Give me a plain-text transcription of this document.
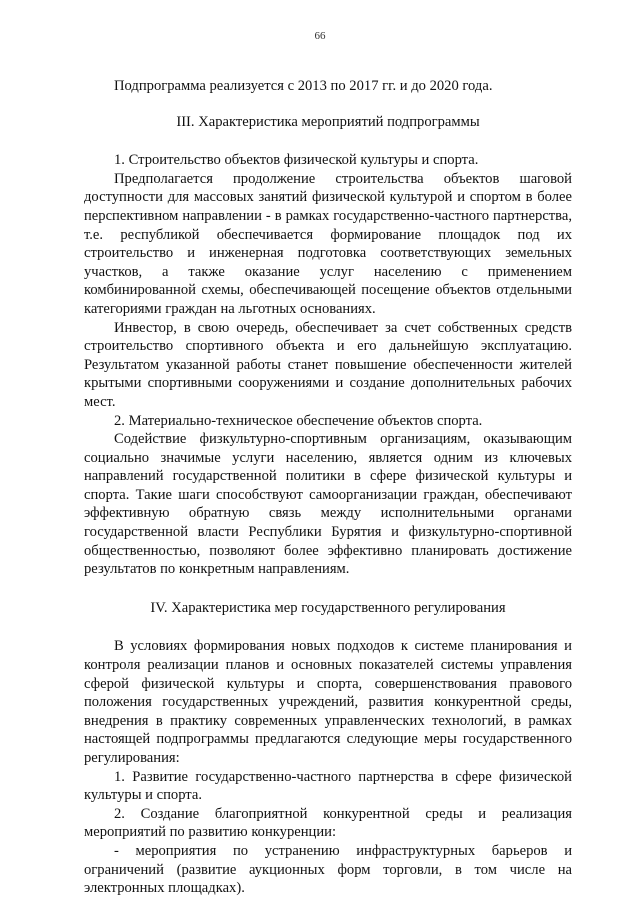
66

Подпрограмма реализуется с 2013 по 2017 гг. и до 2020 года.

III. Характеристика мероприятий подпрограммы

1. Строительство объектов физической культуры и спорта.

Предполагается продолжение строительства объектов шаговой доступности для массовых занятий физической культурой и спортом в более перспективном направлении - в рамках государственно-частного партнерства, т.е. республикой обеспечивается формирование площадок под их строительство и инженерная подготовка соответствующих земельных участков, а также оказание услуг населению с применением комбинированной схемы, обеспечивающей посещение объектов отдельными категориями граждан на льготных основаниях.

Инвестор, в свою очередь, обеспечивает за счет собственных средств строительство спортивного объекта и его дальнейшую эксплуатацию. Результатом указанной работы станет повышение обеспеченности жителей крытыми спортивными сооружениями и создание дополнительных рабочих мест.

2. Материально-техническое обеспечение объектов спорта.

Содействие физкультурно-спортивным организациям, оказывающим социально значимые услуги населению, является одним из ключевых направлений государственной политики в сфере физической культуры и спорта. Такие шаги способствуют самоорганизации граждан, обеспечивают эффективную обратную связь между исполнительными органами государственной власти Республики Бурятия и физкультурно-спортивной общественностью, позволяют более эффективно планировать достижение результатов по конкретным направлениям.

IV. Характеристика мер государственного регулирования

В условиях формирования новых подходов к системе планирования и контроля реализации планов и основных показателей системы управления сферой физической культуры и спорта, совершенствования правового положения государственных учреждений, развития конкурентной среды, внедрения в практику современных управленческих технологий, в рамках настоящей подпрограммы предлагаются следующие меры государственного регулирования:

1. Развитие государственно-частного партнерства в сфере физической культуры и спорта.

2. Создание благоприятной конкурентной среды и реализация мероприятий по развитию конкуренции:

- мероприятия по устранению инфраструктурных барьеров и ограничений (развитие аукционных форм торговли, в том числе на электронных площадках).
